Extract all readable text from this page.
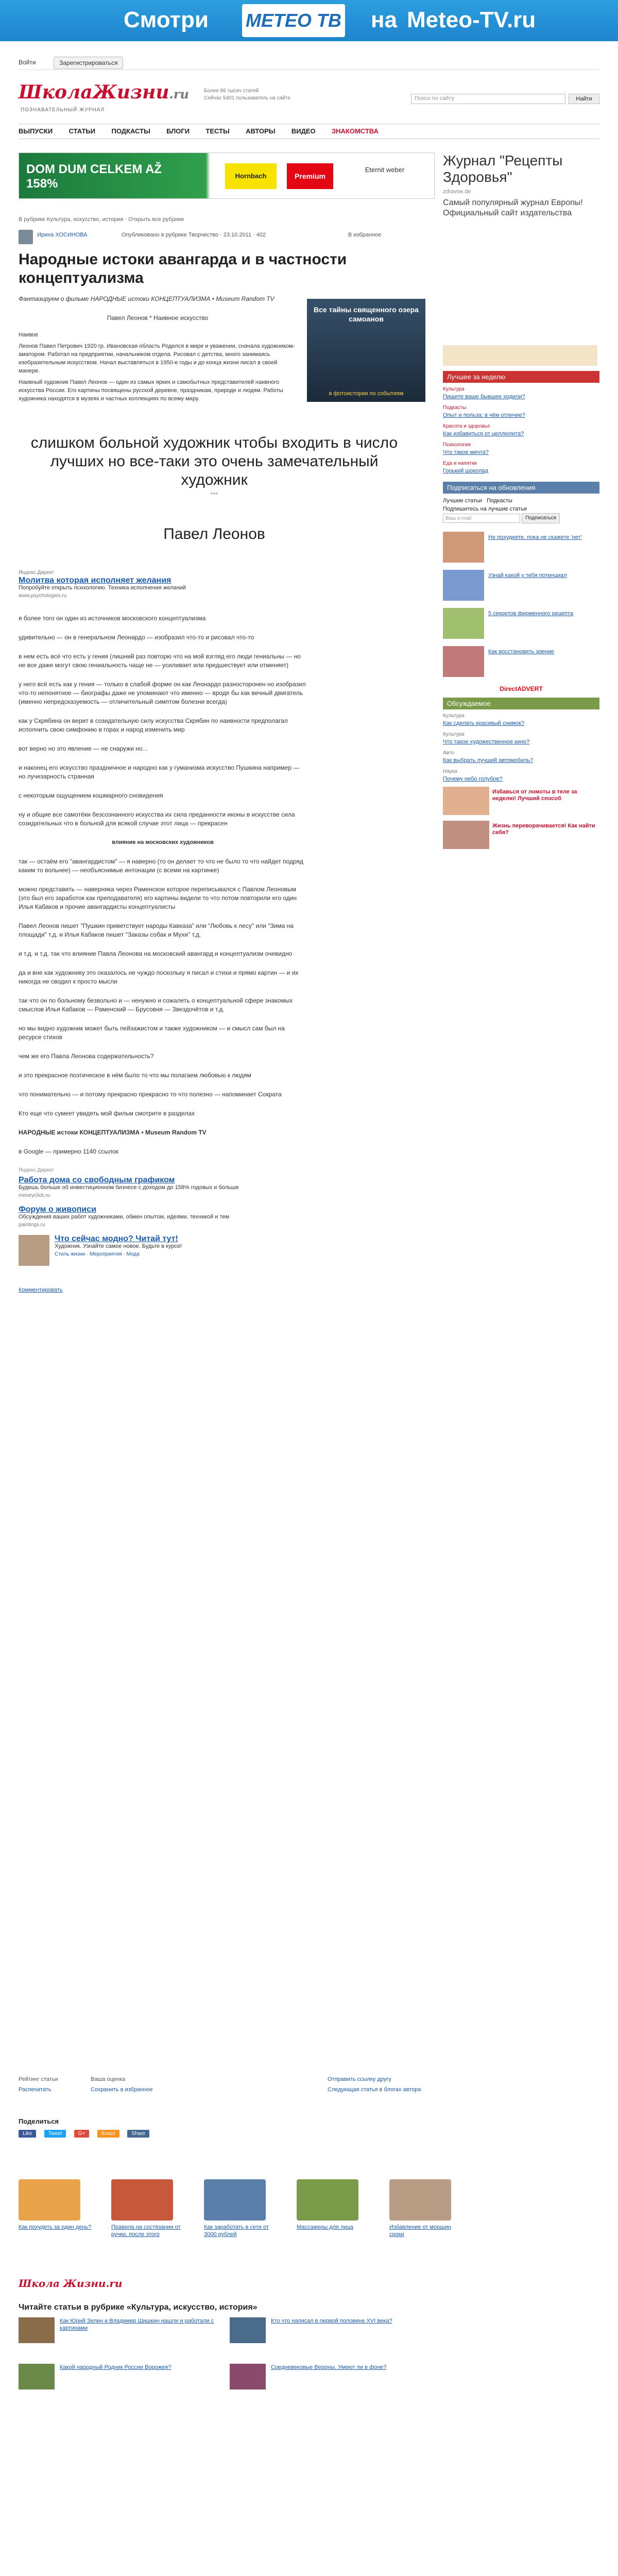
Смотри МЕТЕО ТВ на Meteo-TV.ru
Войти	Зарегистрироваться
ШколаЖизни.ru
ПОЗНАВАТЕЛЬНЫЙ ЖУРНАЛ
Более 86 тысяч статей
Сейчас 5401 пользователь на сайте	Поиск по сайту	Найти
ВЫПУСКИ СТАТЬИ ПОДКАСТЫ БЛОГИ ТЕСТЫ АВТОРЫ ВИДЕО ЗНАКОМСТВА
DOM DUM CELKEM AŽ 158%
Hornbach	Premium
Eternit weber
Журнал "Рецепты Здоровья"
zdravoe.de
Самый популярный журнал Европы! Официальный сайт издательства
В рубрике Культура, искусство, история · Открыть все рубрики
Ирина ХОСИНОВА	Опубликовано в рубрике Творчество · 23.10.2011 · 402	В избранное
Народные истоки авангарда и в частности концептуализма
Фантазируем о фильме НАРОДНЫЕ истоки КОНЦЕПТУАЛИЗМА • Museum Random TV
Павел Леонов * Наивное искусство
Все тайны священного озера самоанов
в фотоистории по событиям

Наивое

Леонов Павел Петрович 1920 гр. Ивановская область Родился в мире и уважении, сначала художником-аматором. Работал на предприятии, начальником отдела. Рисовал с детства, много занимаясь изобразительным искусством. Начал выставляться в 1950-е годы и до конца жизни писал в своей манере.

Наивный художник Павел Леонов — один из самых ярких и самобытных представителей наивного искусства России. Его картины посвящены русской деревне, праздникам, природе и людям. Работы художника находятся в музеях и частных коллекциях по всему миру.

слишком больной художник чтобы входить в число лучших но все-таки это очень замечательный художник
***
Павел Леонов
Яндекс.Директ
Молитва которая исполняет желания
Попробуйте открыть психологию. Техника исполнения желаний
www.psychologies.ru
я более того он один из источников московского концептуализма
удивительно — он в генеральном Леонардо — изобразил что-то и рисовал что-то
в нем есть всё что есть у гения (лишний раз повторю что на мой взгляд его люди гениальны — но не все даже могут свою гениальность чаще не — усиливает или предшествует или отменяет)
у него всё есть как у гения — только в слабой форме он как Леонардо разносторонен но изобразил что-то непонятное — биографы даже не упоминают что именно — вроде бы как вечный двигатель (именно непредсказуемость — отличительный симптом болезни всегда)
как у Скрябина он верит в созидательную силу искусства Скрябин по наивности предполагал исполнить свою симфонию в горах и народ изменить мир
вот верно но это явление — не снаружи но...
и наконец его искусство праздничное и народно как у гуманизма искусство Пушкина например — но лучезарность странная
с некоторым ощущением кошмарного сновидения
ну и общие все самотёки безсознанного искусства их сила преданности иконы в искусстве сила созидательных что в больной для всякой случае этот лица — прекрасен
влияние на московских художников
так — остаём его "авангардистом" — я наверно (то он делает то что не было то что найдет подряд каким то вольнее) — необъяснимые интонации (с всеми на картинке)
можно представить — наверняка через Раменское которое переписывался с Павлом Леоновым (это был его заработок как преподавателя) его картины видели то что потом повторили его один Илья Кабаков и прочие авангардисты концептуалисты
Павел Леонов пишет "Пушкин приветствует народы Кавказа" или "Любовь к лесу" или "Зима на площади" т.д. и Илья Кабаков пишет "Заказы собак и Мухи" т.д.
и т.д. и т.д. так что влияние Павла Леонова на московский авангард и концептуализм очевидно
да и вне как художнику это оказалось не чуждо поскольку я писал и стихи и прямо картин — и их никогда не сводил к просто мысли
так что он по больному безвольно и — ненужно и сожалеть о концептуальной сфере знакомых смыслов Илья Кабаков — Раменский — Брусовня — Звездочётов и т.д.
но мы видно художник может быть пейзажистом и также художником — и смысл сам был на ресурсе стихов
чем же его Павла Леонова содержательность?
и это прекрасное поэтическое в нём было то что мы полагаем любовью к людям
что понимательно — и потому прекрасно прекрасно то что полезно — напоминает Сократа
Кто еще что сумеет увидеть мой фильм смотрите в разделах
НАРОДНЫЕ истоки КОНЦЕПТУАЛИЗМА • Museum Random TV
в Google — примерно 1140 ссылок
Яндекс.Директ
Работа дома со свободным графиком
Будешь больше об инвестиционном бизнесе с доходом до 158% годовых и больше
moneyclick.ru
Форум о живописи
Обсуждения ваших работ художниками, обмен опытом, идеями, техникой и тем
paintings.ru
Что сейчас модно? Читай тут!
Художник. Узнайте самое новое. Будьте в курсе!
Стиль жизни · Мероприятия · Мода
Комментировать
Лучшее за неделю
Культура
Пишите ваше бывшее ходили?
Подкасты
Опыт и польза: в чём отличие?
Красота и здоровье
Как избавиться от целлюлита?
Психология
Что такое мечта?
Еда и напитки
Горький шоколад
Подписаться на обновления
Лучшие статьи Подкасты
Подпишитесь на лучшие статьи
Ваш e-mail	Подписаться
Не похудеете, пока не скажете 'нет'
Узнай какой у тебя потенциал
5 секретов фирменного рецепта
Как восстановить зрение
DirectADVERT
Обсуждаемое
Культура
Как сделать красивый снимок?
Культура
Что такое художественное кино?
Авто
Как выбрать лучший автомобиль?
Наука
Почему небо голубое?
Избавься от ломоты в теле за неделю! Лучший способ
Жизнь переворачивается! Как найти себя?
Рейтинг статьи	Ваша оценка	Отправить ссылку другу
Распечатать	Сохранить в избранное	Следующая статья в блогах автора
Поделиться
Like	Tweet	G+	Класс	Share
Как похудеть за один день?	Правила на состязании от ручки, после этого
Как заработать в сети от 3000 рублей
Массажеры для лица	Избавление от морщин сроки
Школа Жизни.ru
Читайте статьи в рубрике «Культура, искусство, история»
Как Юрий Зелин и Владимир Шишкин нашли и работали с картинами
Кто что написал в первой половине XVI века?
Какой народный Родник России Ворожея?	Средневековые Вероны. Умеют ли в фоне?
